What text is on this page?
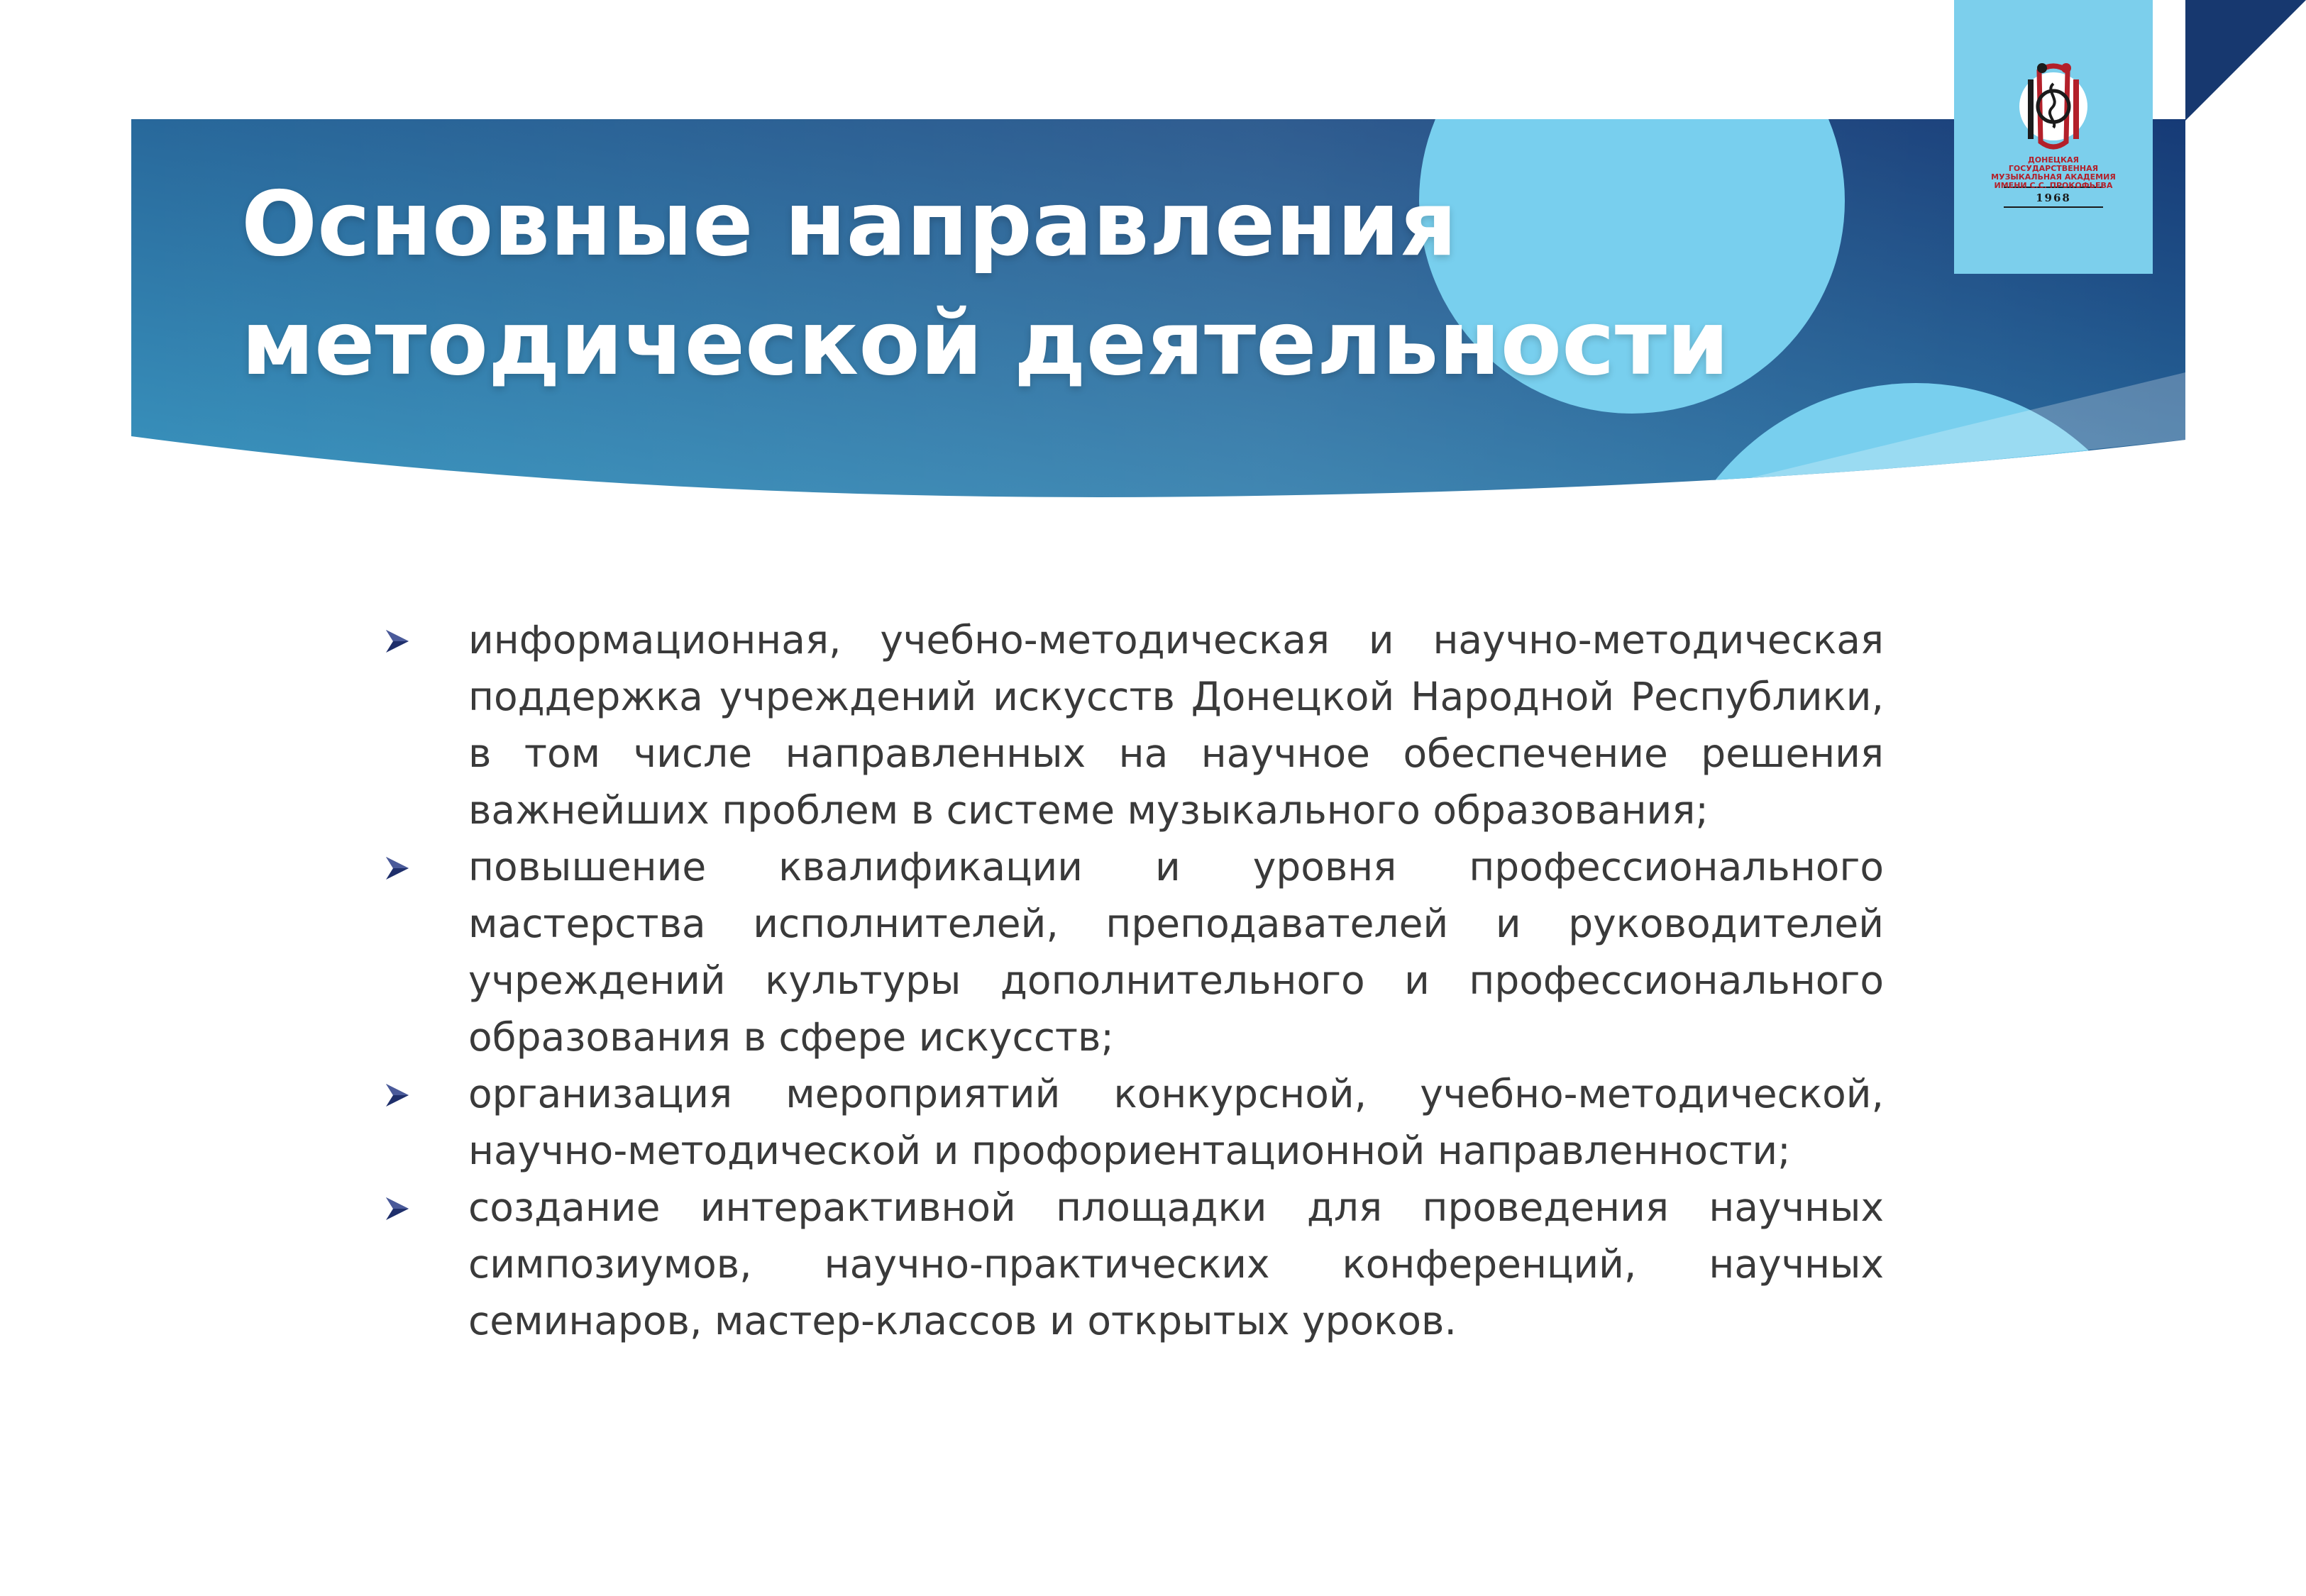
ДОНЕЦКАЯ ГОСУДАРСТВЕННАЯ МУЗЫКАЛЬНАЯ АКАДЕМИЯ ИМЕНИ С.С. ПРОКОФЬЕВА
1968
Основные направления
методической деятельности
информационная, учебно-методическая и научно-методическая поддержка учреждений искусств Донецкой Народной Республики, в том числе направленных на научное обеспечение решения важнейших проблем в системе музыкального образования;
повышение квалификации и уровня профессионального мастерства исполнителей, преподавателей и руководителей учреждений культуры дополнительного и профессионального образования в сфере искусств;
организация мероприятий конкурсной, учебно-методической, научно-методической и профориентационной направленности;
создание интерактивной площадки для проведения научных симпозиумов, научно-практических конференций, научных семинаров, мастер-классов и открытых уроков.
